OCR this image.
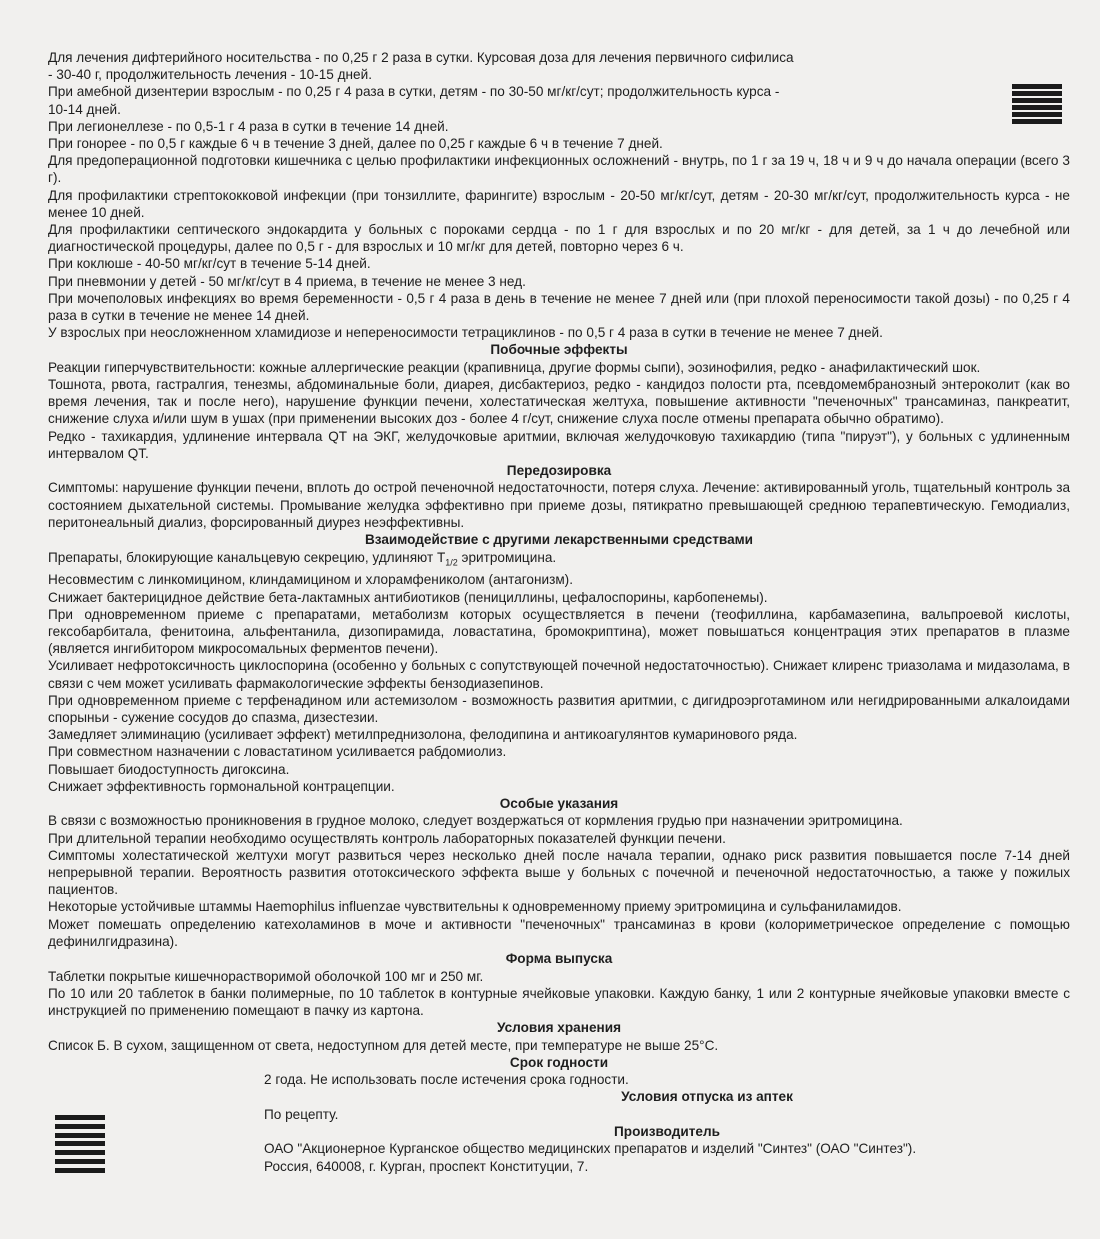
Для лечения дифтерийного носительства - по 0,25 г 2 раза в сутки. Курсовая доза для лечения первичного сифилиса

- 30-40 г, продолжительность лечения - 10-15 дней.

При амебной дизентерии взрослым - по 0,25 г 4 раза в сутки, детям - по 30-50 мг/кг/сут; продолжительность курса -

10-14 дней.

При легионеллезе - по 0,5-1 г 4 раза в сутки в течение 14 дней.

При гонорее - по 0,5 г каждые 6 ч в течение 3 дней, далее по 0,25 г каждые 6 ч в течение 7 дней.

Для предоперационной подготовки кишечника с целью профилактики инфекционных осложнений - внутрь, по 1 г за 19 ч, 18 ч и 9 ч до начала операции (всего 3 г).

Для профилактики стрептококковой инфекции (при тонзиллите, фарингите) взрослым - 20-50 мг/кг/сут, детям - 20-30 мг/кг/сут, продолжительность курса - не менее 10 дней.

Для профилактики септического эндокардита у больных с пороками сердца - по 1 г для взрослых и по 20 мг/кг - для детей, за 1 ч до лечебной или диагностической процедуры, далее по 0,5 г - для взрослых и 10 мг/кг для детей, повторно через 6 ч.

При коклюше - 40-50 мг/кг/сут в течение 5-14 дней.

При пневмонии у детей - 50 мг/кг/сут в 4 приема, в течение не менее 3 нед.

При мочеполовых инфекциях во время беременности - 0,5 г 4 раза в день в течение не менее 7 дней или (при плохой переносимости такой дозы) - по 0,25 г 4 раза в сутки в течение не менее 14 дней.

У взрослых при неосложненном хламидиозе и непереносимости тетрациклинов - по 0,5 г 4 раза в сутки в течение не менее 7 дней.

Побочные эффекты

Реакции гиперчувствительности: кожные аллергические реакции (крапивница, другие формы сыпи), эозинофилия, редко - анафилактический шок.

Тошнота, рвота, гастралгия, тенезмы, абдоминальные боли, диарея, дисбактериоз, редко - кандидоз полости рта, псевдомембранозный энтероколит (как во время лечения, так и после него), нарушение функции печени, холестатическая желтуха, повышение активности "печеночных" трансаминаз, панкреатит, снижение слуха и/или шум в ушах (при применении высоких доз - более 4 г/сут, снижение слуха после отмены препарата обычно обратимо).

Редко - тахикардия, удлинение интервала QT на ЭКГ, желудочковые аритмии, включая желудочковую тахикардию (типа "пируэт"), у больных с удлиненным интервалом QT.

Передозировка

Симптомы: нарушение функции печени, вплоть до острой печеночной недостаточности, потеря слуха. Лечение: активированный уголь, тщательный контроль за состоянием дыхательной системы. Промывание желудка эффективно при приеме дозы, пятикратно превышающей среднюю терапевтическую. Гемодиализ, перитонеальный диализ, форсированный диурез неэффективны.

Взаимодействие с другими лекарственными средствами

Препараты, блокирующие канальцевую секрецию, удлиняют $T_{1/2}$ эритромицина.

Несовместим с линкомицином, клиндамицином и хлорамфениколом (антагонизм).

Снижает бактерицидное действие бета-лактамных антибиотиков (пенициллины, цефалоспорины, карбопенемы).

При одновременном приеме с препаратами, метаболизм которых осуществляется в печени (теофиллина, карбамазепина, вальпроевой кислоты, гексобарбитала, фенитоина, альфентанила, дизопирамида, ловастатина, бромокриптина), может повышаться концентрация этих препаратов в плазме (является ингибитором микросомальных ферментов печени).

Усиливает нефротоксичность циклоспорина (особенно у больных с сопутствующей почечной недостаточностью). Снижает клиренс триазолама и мидазолама, в связи с чем может усиливать фармакологические эффекты бензодиазепинов.

При одновременном приеме с терфенадином или астемизолом - возможность развития аритмии, с дигидроэрготамином или негидрированными алкалоидами спорыньи - сужение сосудов до спазма, дизестезии.

Замедляет элиминацию (усиливает эффект) метилпреднизолона, фелодипина и антикоагулянтов кумаринового ряда.

При совместном назначении с ловастатином усиливается рабдомиолиз.

Повышает биодоступность дигоксина.

Снижает эффективность гормональной контрацепции.

Особые указания

В связи с возможностью проникновения в грудное молоко, следует воздержаться от кормления грудью при назначении эритромицина.

При длительной терапии необходимо осуществлять контроль лабораторных показателей функции печени.

Симптомы холестатической желтухи могут развиться через несколько дней после начала терапии, однако риск развития повышается после 7-14 дней непрерывной терапии. Вероятность развития ототоксического эффекта выше у больных с почечной и печеночной недостаточностью, а также у пожилых пациентов.

Некоторые устойчивые штаммы Haemophilus influenzae чувствительны к одновременному приему эритромицина и сульфаниламидов.

Может помешать определению катехоламинов в моче и активности "печеночных" трансаминаз в крови (колориметрическое определение с помощью дефинилгидразина).

Форма выпуска

Таблетки покрытые кишечнорастворимой оболочкой 100 мг и 250 мг.

По 10 или 20 таблеток в банки полимерные, по 10 таблеток в контурные ячейковые упаковки. Каждую банку, 1 или 2 контурные ячейковые упаковки вместе с инструкцией по применению помещают в пачку из картона.

Условия хранения

Список Б. В сухом, защищенном от света, недоступном для детей месте, при температуре не выше 25°С.

Срок годности

2 года. Не использовать после истечения срока годности.

Условия отпуска из аптек

По рецепту.

Производитель

ОАО "Акционерное Курганское общество медицинских препаратов и изделий "Синтез" (ОАО "Синтез").

Россия, 640008, г. Курган, проспект Конституции, 7.
